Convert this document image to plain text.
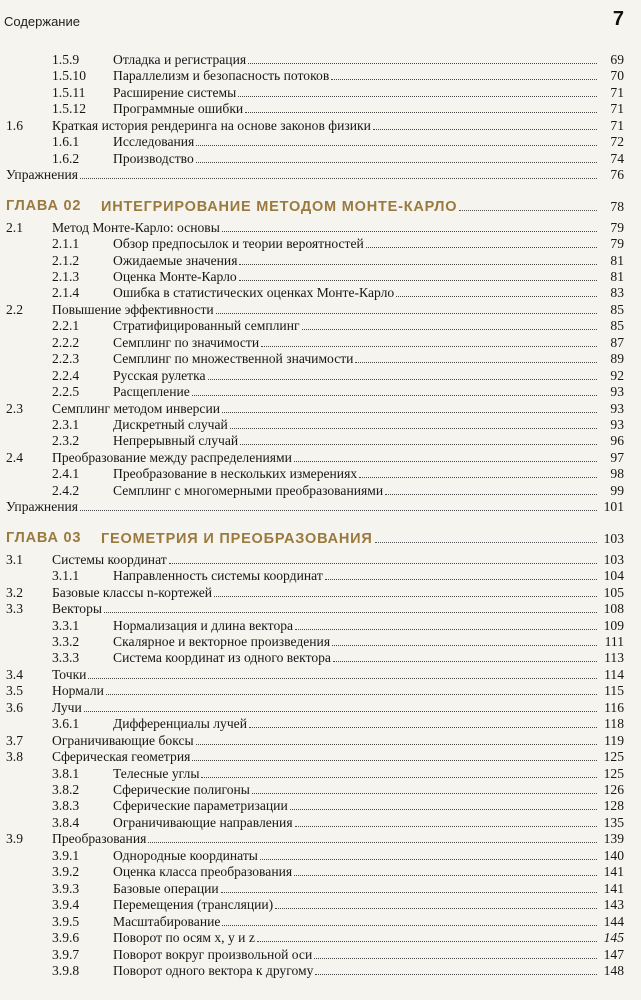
Содержание	7
1.5.9 Отладка и регистрация	69
1.5.10 Параллелизм и безопасность потоков	70
1.5.11 Расширение системы	71
1.5.12 Программные ошибки	71
1.6 Краткая история рендеринга на основе законов физики	71
1.6.1 Исследования	72
1.6.2 Производство	74
Упражнения	76
ГЛАВА 02 ИНТЕГРИРОВАНИЕ МЕТОДОМ МОНТЕ-КАРЛО	78
2.1 Метод Монте-Карло: основы	79
2.1.1 Обзор предпосылок и теории вероятностей	79
2.1.2 Ожидаемые значения	81
2.1.3 Оценка Монте-Карло	81
2.1.4 Ошибка в статистических оценках Монте-Карло	83
2.2 Повышение эффективности	85
2.2.1 Стратифицированный семплинг	85
2.2.2 Семплинг по значимости	87
2.2.3 Семплинг по множественной значимости	89
2.2.4 Русская рулетка	92
2.2.5 Расщепление	93
2.3 Семплинг методом инверсии	93
2.3.1 Дискретный случай	93
2.3.2 Непрерывный случай	96
2.4 Преобразование между распределениями	97
2.4.1 Преобразование в нескольких измерениях	98
2.4.2 Семплинг с многомерными преобразованиями	99
Упражнения	101
ГЛАВА 03 ГЕОМЕТРИЯ И ПРЕОБРАЗОВАНИЯ	103
3.1 Системы координат	103
3.1.1 Направленность системы координат	104
3.2 Базовые классы n-кортежей	105
3.3 Векторы	108
3.3.1 Нормализация и длина вектора	109
3.3.2 Скалярное и векторное произведения	111
3.3.3 Система координат из одного вектора	113
3.4 Точки	114
3.5 Нормали	115
3.6 Лучи	116
3.6.1 Дифференциалы лучей	118
3.7 Ограничивающие боксы	119
3.8 Сферическая геометрия	125
3.8.1 Телесные углы	125
3.8.2 Сферические полигоны	126
3.8.3 Сферические параметризации	128
3.8.4 Ограничивающие направления	135
3.9 Преобразования	139
3.9.1 Однородные координаты	140
3.9.2 Оценка класса преобразования	141
3.9.3 Базовые операции	141
3.9.4 Перемещения (трансляции)	143
3.9.5 Масштабирование	144
3.9.6 Поворот по осям x, y и z	145
3.9.7 Поворот вокруг произвольной оси	147
3.9.8 Поворот одного вектора к другому	148
